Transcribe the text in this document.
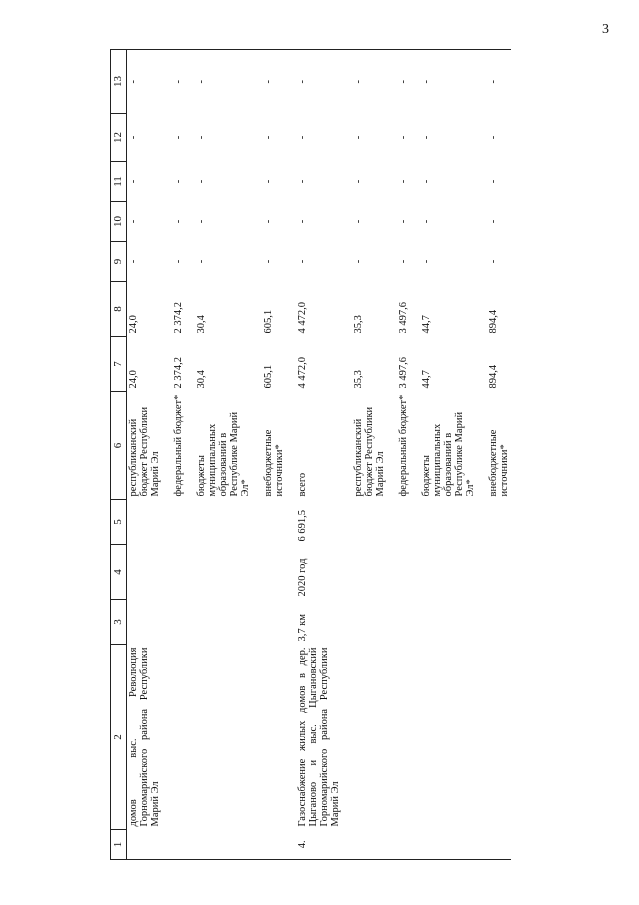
3
1	2	3	4	5	6	7	8	9	10	11	12	13
	домов выс. Революция Горномарийского района Республики Марий Эл				республиканский бюджет Республики Марий Эл	24,0	24,0	-	-	-	-	-

					федеральный бюджет*	2 374,2	2 374,2	-	-	-	-	-

					бюджеты муниципальных образований в Республике Марий Эл*	30,4	30,4	-	-	-	-	-

					внебюджетные источники*	605,1	605,1	-	-	-	-	-

4.	Газоснабжение жилых домов в дер. Цыганово и выс. Цыгановский Горномарийского района Республики Марий Эл	3,7 км	2020 год	6 691,5	всего	4 472,0	4 472,0	-	-	-	-	-

					республиканский бюджет Республики Марий Эл	35,3	35,3	-	-	-	-	-

					федеральный бюджет*	3 497,6	3 497,6	-	-	-	-	-

					бюджеты муниципальных образований в Республике Марий Эл*	44,7	44,7	-	-	-	-	-

					внебюджетные источники*	894,4	894,4	-	-	-	-	-
